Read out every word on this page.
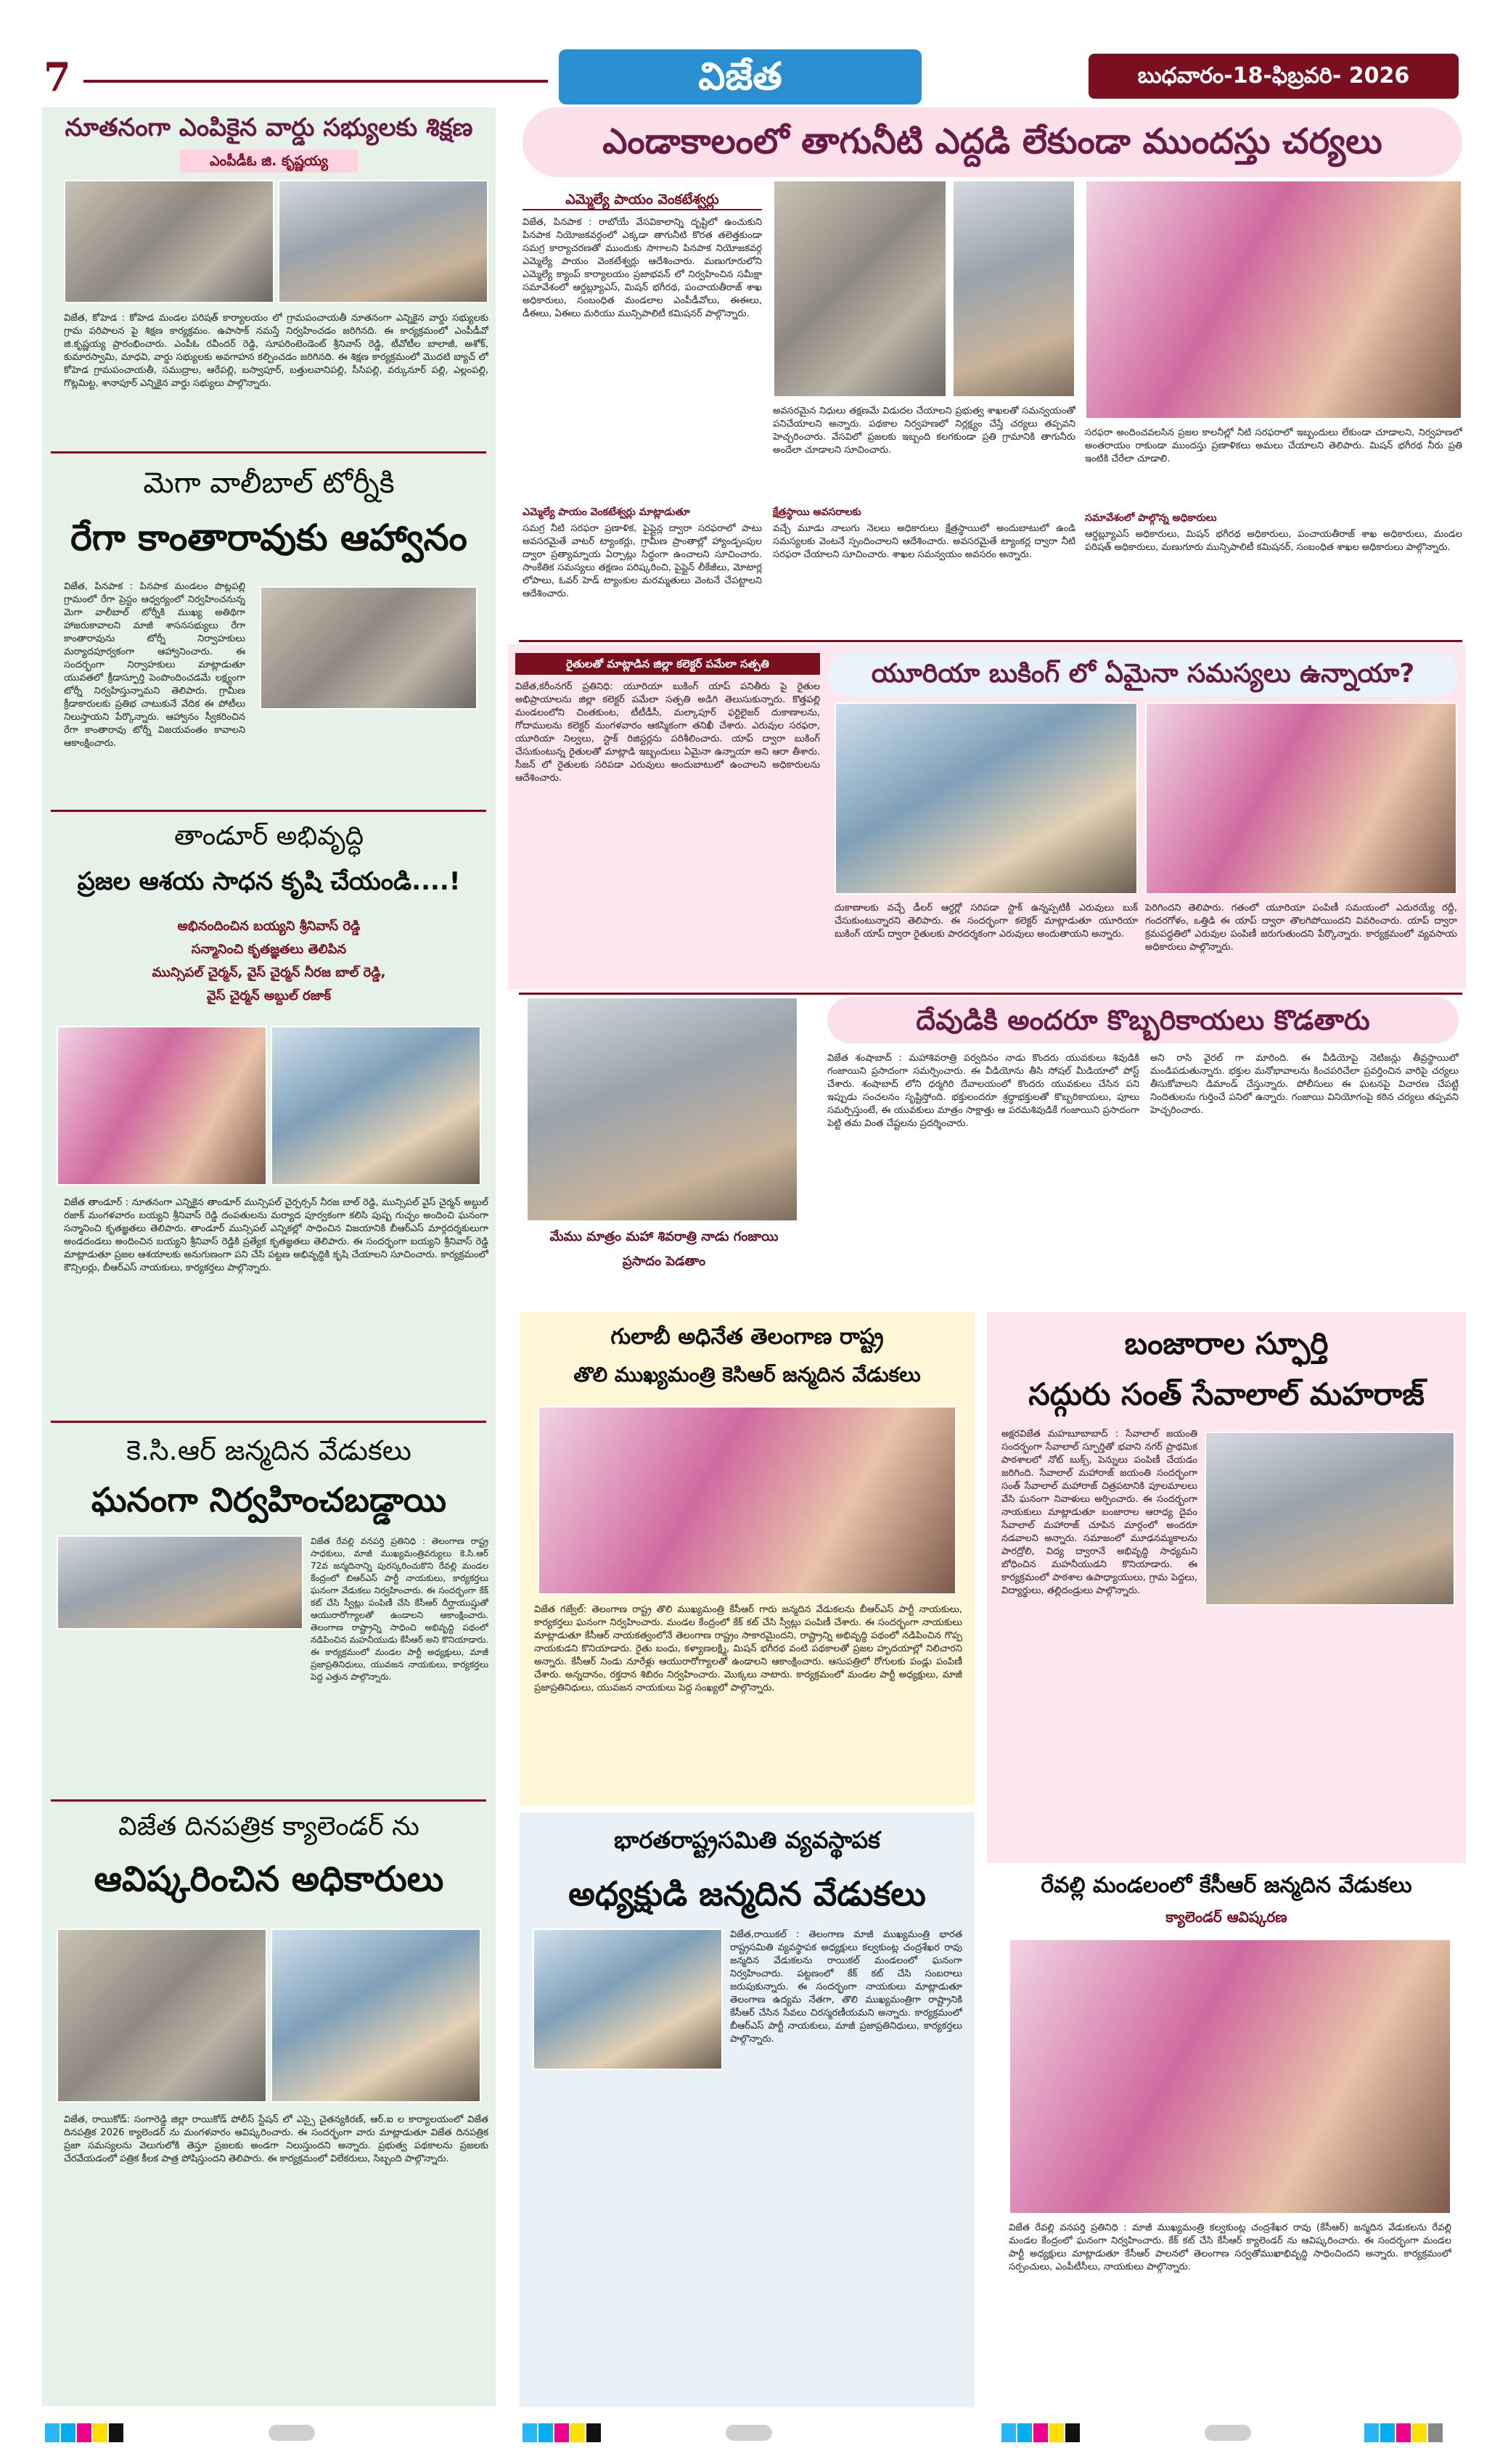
7	విజేత	బుధవారం-18-ఫిబ్రవరి- 2026
నూతనంగా ఎంపికైన వార్డు సభ్యులకు శిక్షణ
ఎంపీడీఓ జి. కృష్ణయ్య
విజేత, కోహెడ : కోహెడ మండల పరిషత్ కార్యాలయం లో గ్రామపంచాయతీ నూతనంగా ఎన్నికైన వార్డు సభ్యులకు గ్రామ పరిపాలన పై శిక్షణ కార్యక్రమం. ఉపాసాక్ నమస్తే నిర్వహించడం జరిగినది. ఈ కార్యక్రమంలో ఎంపీడీవో జి.కృష్ణయ్య ప్రారంభించారు. ఎంపీఓ రవీందర్ రెడ్డి, సూపరింటెండెంట్ శ్రీనివాస్ రెడ్డి, టీవోటీల బాలాజీ, అశోక్, కుమారస్వామి, మాధవి, వార్డు సభ్యులకు అవగాహన కల్పించడం జరిగినది. ఈ శిక్షణ కార్యక్రమంలో మొదటి బ్యాచ్ లో కోహెడ గ్రామపంచాయతీ, సముద్రాల, ఆరేపల్లి, బస్వాపూర్, బత్తులవానిపల్లి, సీసిపల్లి, వర్కునూర్ పల్లి, ఎల్లంపల్లి, గొట్లమిట్ట, శానాపూర్ ఎన్నికైన వార్డు సభ్యులు పాల్గొన్నారు.
మెగా వాలీబాల్ టోర్నీకి
రేగా కాంతారావుకు ఆహ్వానం
విజేత, పినపాక : పినపాక మండలం పొట్లపల్లి గ్రామంలో రేగా ప్రెస్టం ఆధ్వర్యంలో నిర్వహించనున్న మెగా వాలీబాల్ టోర్నీకి ముఖ్య అతిథిగా హాజరుకావాలని మాజీ శాసనసభ్యులు రేగా కాంతారావును టోర్నీ నిర్వాహకులు మర్యాదపూర్వకంగా ఆహ్వానించారు. ఈ సందర్భంగా నిర్వాహకులు మాట్లాడుతూ యువతలో క్రీడాస్ఫూర్తి పెంపొందించడమే లక్ష్యంగా టోర్నీ నిర్వహిస్తున్నామని తెలిపారు. గ్రామీణ క్రీడాకారులకు ప్రతిభ చాటుకునే వేదిక ఈ పోటీలు నిలుస్తాయని పేర్కొన్నారు. ఆహ్వానం స్వీకరించిన రేగా కాంతారావు టోర్నీ విజయవంతం కావాలని ఆకాంక్షించారు.
తాండూర్ అభివృద్ధి
ప్రజల ఆశయ సాధన కృషి చేయండి....!
అభినందించిన బయ్యని శ్రీనివాస్ రెడ్డి
సన్మానించి కృతజ్ఞతలు తెలిపిన
మున్సిపల్ చైర్మన్, వైస్ చైర్మన్ నీరజ బాల్ రెడ్డి,
వైస్ చైర్మన్ అబ్దుల్ రజాక్
విజేత తాండూర్ : నూతనంగా ఎన్నికైన తాండూర్ మున్సిపల్ చైర్పర్సన్ నీరజ బాల్ రెడ్డి, మున్సిపల్ వైస్ చైర్మన్ అబ్దుల్ రజాక్ మంగళవారం బయ్యని శ్రీనివాస్ రెడ్డి దంపతులను మర్యాద పూర్వకంగా కలిసి పుష్ప గుచ్ఛం అందించి ఘనంగా సన్మానించి కృతజ్ఞతలు తెలిపారు. తాండూర్ మున్సిపల్ ఎన్నికల్లో సాధించిన విజయానికి బీఆర్ఎస్ మార్గదర్శకులుగా అండదండలు అందించిన బయ్యని శ్రీనివాస్ రెడ్డికి ప్రత్యేక కృతజ్ఞతలు తెలిపారు. ఈ సందర్భంగా బయ్యని శ్రీనివాస్ రెడ్డి మాట్లాడుతూ ప్రజల ఆశయాలకు అనుగుణంగా పని చేసి పట్టణ అభివృద్ధికి కృషి చేయాలని సూచించారు. కార్యక్రమంలో కౌన్సిలర్లు, బీఆర్ఎస్ నాయకులు, కార్యకర్తలు పాల్గొన్నారు.
కె.సి.ఆర్ జన్మదిన వేడుకలు
ఘనంగా నిర్వహించబడ్డాయి
విజేత రేవల్లి వనపర్తి ప్రతినిధి : తెలంగాణ రాష్ట్ర సాధకులు, మాజీ ముఖ్యమంత్రివర్యులు కె.సి.ఆర్ 72వ జన్మదినాన్ని పురస్కరించుకొని రేవల్లి మండల కేంద్రంలో బిఆర్ఎస్ పార్టీ నాయకులు, కార్యకర్తలు ఘనంగా వేడుకలు నిర్వహించారు. ఈ సందర్భంగా కేక్ కట్ చేసి స్వీట్లు పంపిణీ చేసి కేసీఆర్ దీర్ఘాయుష్షుతో ఆయురారోగ్యాలతో ఉండాలని ఆకాంక్షించారు. తెలంగాణ రాష్ట్రాన్ని సాధించి అభివృద్ధి పథంలో నడిపించిన మహనీయుడు కేసీఆర్ అని కొనియాడారు. ఈ కార్యక్రమంలో మండల పార్టీ అధ్యక్షులు, మాజీ ప్రజాప్రతినిధులు, యువజన నాయకులు, కార్యకర్తలు పెద్ద ఎత్తున పాల్గొన్నారు.
విజేత దినపత్రిక క్యాలెండర్ ను
ఆవిష్కరించిన అధికారులు
విజేత, రాయికోడ్: సంగారెడ్డి జిల్లా రాయికోడ్ పోలీస్ స్టేషన్ లో ఎస్సై చైతన్యకిరణ్, ఆర్.ఐ ల కార్యాలయంలో విజేత దినపత్రిక 2026 క్యాలెండర్ ను మంగళవారం ఆవిష్కరించారు. ఈ సందర్భంగా వారు మాట్లాడుతూ విజేత దినపత్రిక ప్రజా సమస్యలను వెలుగులోకి తెస్తూ ప్రజలకు అండగా నిలుస్తుందని అన్నారు. ప్రభుత్వ పథకాలను ప్రజలకు చేరవేయడంలో పత్రిక కీలక పాత్ర పోషిస్తుందని తెలిపారు. ఈ కార్యక్రమంలో విలేకరులు, సిబ్బంది పాల్గొన్నారు.
ఎండాకాలంలో తాగునీటి ఎద్దడి లేకుండా ముందస్తు చర్యలు
ఎమ్మెల్యే పాయం వెంకటేశ్వర్లు
విజేత, పినపాక : రాబోయే వేసవికాలాన్ని దృష్టిలో ఉంచుకుని పినపాక నియోజకవర్గంలో ఎక్కడా తాగునీటి కొరత తలెత్తకుండా సమగ్ర కార్యాచరణతో ముందుకు సాగాలని పినపాక నియోజకవర్గ ఎమ్మెల్యే పాయం వెంకటేశ్వర్లు ఆదేశించారు. మణుగూరులోని ఎమ్మెల్యే క్యాంప్ కార్యాలయం ప్రజాభవన్ లో నిర్వహించిన సమీక్షా సమావేశంలో ఆర్డబ్ల్యూఎస్, మిషన్ భగీరథ, పంచాయతీరాజ్ శాఖ అధికారులు, సంబంధిత మండలాల ఎంపీడీవోలు, ఈఈలు, డీఈలు, ఏఈలు మరియు మున్సిపాలిటీ కమిషనర్ పాల్గొన్నారు.
ఎమ్మెల్యే పాయం వెంకటేశ్వర్లు మాట్లాడుతూ
సమగ్ర నీటి సరఫరా ప్రణాళిక, పైప్లైన్ల ద్వారా సరఫరాలో పాటు అవసరమైతే వాటర్ ట్యాంకర్లు, గ్రామీణ ప్రాంతాల్లో హ్యాండ్పంపుల ద్వారా ప్రత్యామ్నాయ ఏర్పాట్లు సిద్ధంగా ఉంచాలని సూచించారు. సాంకేతిక సమస్యలు తక్షణం పరిష్కరించి, పైప్లైన్ లీకేజీలు, మోటార్ల లోపాలు, ఓవర్ హెడ్ ట్యాంకుల మరమ్మతులు వెంటనే చేపట్టాలని ఆదేశించారు.
అవసరమైన నిధులు తక్షణమే విడుదల చేయాలని ప్రభుత్వ శాఖలతో సమన్వయంతో పనిచేయాలని అన్నారు. పథకాల నిర్వహణలో నిర్లక్ష్యం చేస్తే చర్యలు తప్పవని హెచ్చరించారు. వేసవిలో ప్రజలకు ఇబ్బంది కలగకుండా ప్రతి గ్రామానికి తాగునీరు అందేలా చూడాలని సూచించారు.
క్షేత్రస్థాయి అవసరాలకు
వచ్చే మూడు నాలుగు నెలలు అధికారులు క్షేత్రస్థాయిలో అందుబాటులో ఉండి సమస్యలకు వెంటనే స్పందించాలని ఆదేశించారు. అవసరమైతే ట్యాంకర్ల ద్వారా నీటి సరఫరా చేయాలని సూచించారు. శాఖల సమన్వయం అవసరం అన్నారు.
సరఫరా అందించవలసిన ప్రజల కాలనీల్లో నీటి సరఫరాలో ఇబ్బందులు లేకుండా చూడాలని, నిర్వహణలో అంతరాయం రాకుండా ముందస్తు ప్రణాళికలు అమలు చేయాలని తెలిపారు. మిషన్ భగీరథ నీరు ప్రతి ఇంటికి చేరేలా చూడాలి.
సమావేశంలో పాల్గొన్న అధికారులు
ఆర్డబ్ల్యూఎస్ అధికారులు, మిషన్ భగీరథ అధికారులు, పంచాయతీరాజ్ శాఖ అధికారులు, మండల పరిషత్ అధికారులు, మణుగూరు మున్సిపాలిటీ కమిషనర్, సంబంధిత శాఖల అధికారులు పాల్గొన్నారు.
రైతులతో మాట్లాడిన జిల్లా కలెక్టర్ పమేలా సత్పతి
విజేత,కరీంనగర్ ప్రతినిధి: యూరియా బుకింగ్ యాప్ పనితీరు పై రైతుల అభిప్రాయాలను జిల్లా కలెక్టర్ పమేలా సత్పతి అడిగి తెలుసుకున్నారు. కొత్తపల్లి మండలంలోని చింతకుంట, టీటీడీసీ, మల్కాపూర్ ఫర్టిలైజర్ దుకాణాలను, గోదాములను కలెక్టర్ మంగళవారం ఆకస్మికంగా తనిఖీ చేశారు. ఎరువుల సరఫరా, యూరియా నిల్వలు, స్టాక్ రిజిస్టర్లను పరిశీలించారు. యాప్ ద్వారా బుకింగ్ చేసుకుంటున్న రైతులతో మాట్లాడి ఇబ్బందులు ఏమైనా ఉన్నాయా అని ఆరా తీశారు. సీజన్ లో రైతులకు సరిపడా ఎరువులు అందుబాటులో ఉంచాలని అధికారులను ఆదేశించారు.
యూరియా బుకింగ్ లో ఏమైనా సమస్యలు ఉన్నాయా?
దుకాణాలకు వచ్చే డీలర్ ఆర్డర్లో సరిపడా స్టాక్ ఉన్నప్పటికీ ఎరువులు బుక్ చేసుకుంటున్నారని తెలిపారు. ఈ సందర్భంగా కలెక్టర్ మాట్లాడుతూ యూరియా బుకింగ్ యాప్ ద్వారా రైతులకు పారదర్శకంగా ఎరువులు అందుతాయని అన్నారు.
పెరిగిందని తెలిపారు. గతంలో యూరియా పంపిణీ సమయంలో ఎదురయ్యే రద్దీ, గందరగోళం, ఒత్తిడి ఈ యాప్ ద్వారా తొలగిపోయిందని వివరించారు. యాప్ ద్వారా క్రమపద్ధతిలో ఎరువుల పంపిణీ జరుగుతుందని పేర్కొన్నారు. కార్యక్రమంలో వ్యవసాయ అధికారులు పాల్గొన్నారు.
మేము మాత్రం మహా శివరాత్రి నాడు గంజాయి
ప్రసాదం పెడతాం
దేవుడికి అందరూ కొబ్బరికాయలు కొడతారు
విజేత శంషాబాద్ : మహాశివరాత్రి పర్వదినం నాడు కొందరు యువకులు శివుడికి గంజాయిని ప్రసాదంగా సమర్పించారు. ఈ వీడియోను తీసి సోషల్ మీడియాలో పోస్ట్ చేశారు. శంషాబాద్ లోని ధర్మగిరి దేవాలయంలో కొందరు యువకులు చేసిన పని ఇప్పుడు సంచలనం సృష్టిస్తోంది. భక్తులందరూ శ్రద్ధాభక్తులతో కొబ్బరికాయలు, పూలు సమర్పిస్తుంటే, ఈ యువకులు మాత్రం సాక్షాత్తు ఆ పరమశివుడికే గంజాయిని ప్రసాదంగా పెట్టి తమ వింత చేష్టలను ప్రదర్శించారు.
అని రాసి వైరల్ గా మారింది. ఈ వీడియోపై నెటిజన్లు తీవ్రస్థాయిలో మండిపడుతున్నారు. భక్తుల మనోభావాలను కించపరిచేలా ప్రవర్తించిన వారిపై చర్యలు తీసుకోవాలని డిమాండ్ చేస్తున్నారు. పోలీసులు ఈ ఘటనపై విచారణ చేపట్టి నిందితులను గుర్తించే పనిలో ఉన్నారు. గంజాయి వినియోగంపై కఠిన చర్యలు తప్పవని హెచ్చరించారు.
గులాబీ అధినేత తెలంగాణ రాష్ట్ర
తొలి ముఖ్యమంత్రి కెసిఆర్ జన్మదిన వేడుకలు
విజేత గజ్వేల్: తెలంగాణ రాష్ట్ర తొలి ముఖ్యమంత్రి కేసీఆర్ గారు జన్మదిన వేడుకలను బీఆర్ఎస్ పార్టీ నాయకులు, కార్యకర్తలు ఘనంగా నిర్వహించారు. మండల కేంద్రంలో కేక్ కట్ చేసి స్వీట్లు పంపిణీ చేశారు. ఈ సందర్భంగా నాయకులు మాట్లాడుతూ కేసీఆర్ నాయకత్వంలోనే తెలంగాణ రాష్ట్రం సాకారమైందని, రాష్ట్రాన్ని అభివృద్ధి పథంలో నడిపించిన గొప్ప నాయకుడని కొనియాడారు. రైతు బంధు, కళ్యాణలక్ష్మి, మిషన్ భగీరథ వంటి పథకాలతో ప్రజల హృదయాల్లో నిలిచారని అన్నారు. కేసీఆర్ నిండు నూరేళ్లు ఆయురారోగ్యాలతో ఉండాలని ఆకాంక్షించారు. ఆసుపత్రిలో రోగులకు పండ్లు పంపిణీ చేశారు. అన్నదానం, రక్తదాన శిబిరం నిర్వహించారు. మొక్కలు నాటారు. కార్యక్రమంలో మండల పార్టీ అధ్యక్షులు, మాజీ ప్రజాప్రతినిధులు, యువజన నాయకులు పెద్ద సంఖ్యలో పాల్గొన్నారు.
భారతరాష్ట్రసమితి వ్యవస్థాపక
అధ్యక్షుడి జన్మదిన వేడుకలు
విజేత,రాయికల్ : తెలంగాణ మాజీ ముఖ్యమంత్రి భారత రాష్ట్రసమితి వ్యవస్థాపక అధ్యక్షులు కల్వకుంట్ల చంద్రశేఖర రావు జన్మదిన వేడుకలను రాయికల్ మండలంలో ఘనంగా నిర్వహించారు. పట్టణంలో కేక్ కట్ చేసి సంబరాలు జరుపుకున్నారు. ఈ సందర్భంగా నాయకులు మాట్లాడుతూ తెలంగాణ ఉద్యమ నేతగా, తొలి ముఖ్యమంత్రిగా రాష్ట్రానికి కేసీఆర్ చేసిన సేవలు చిరస్మరణీయమని అన్నారు. కార్యక్రమంలో బీఆర్ఎస్ పార్టీ నాయకులు, మాజీ ప్రజాప్రతినిధులు, కార్యకర్తలు పాల్గొన్నారు.
బంజారాల స్ఫూర్తి
సద్గురు సంత్ సేవాలాల్ మహరాజ్
అక్షరవిజేత మహబూబాబాద్ : సేవాలాల్ జయంతి సందర్భంగా సేవాలాల్ స్ఫూర్తితో భవాని నగర్ ప్రాథమిక పాఠశాలలో నోట్ బుక్స్, పెన్నులు పంపిణీ చేయడం జరిగింది. సేవాలాల్ మహారాజ్ జయంతి సందర్భంగా సంత్ సేవాలాల్ మహారాజ్ చిత్రపటానికి పూలమాలలు వేసి ఘనంగా నివాళులు అర్పించారు. ఈ సందర్భంగా నాయకులు మాట్లాడుతూ బంజారాల ఆరాధ్య దైవం సేవాలాల్ మహారాజ్ చూపిన మార్గంలో అందరూ నడవాలని అన్నారు. సమాజంలో మూఢనమ్మకాలను పారద్రోలి, విద్య ద్వారానే అభివృద్ధి సాధ్యమని బోధించిన మహనీయుడని కొనియాడారు. ఈ కార్యక్రమంలో పాఠశాల ఉపాధ్యాయులు, గ్రామ పెద్దలు, విద్యార్థులు, తల్లిదండ్రులు పాల్గొన్నారు.
రేవల్లి మండలంలో కేసీఆర్ జన్మదిన వేడుకలు
క్యాలెండర్ ఆవిష్కరణ
విజేత రేవల్లి వనపర్తి ప్రతినిధి : మాజీ ముఖ్యమంత్రి కల్వకుంట్ల చంద్రశేఖర రావు (కేసీఆర్) జన్మదిన వేడుకలను రేవల్లి మండల కేంద్రంలో ఘనంగా నిర్వహించారు. కేక్ కట్ చేసి కేసీఆర్ క్యాలెండర్ ను ఆవిష్కరించారు. ఈ సందర్భంగా మండల పార్టీ అధ్యక్షులు మాట్లాడుతూ కేసీఆర్ పాలనలో తెలంగాణ సర్వతోముఖాభివృద్ధి సాధించిందని అన్నారు. కార్యక్రమంలో సర్పంచులు, ఎంపీటీసీలు, నాయకులు పాల్గొన్నారు.
